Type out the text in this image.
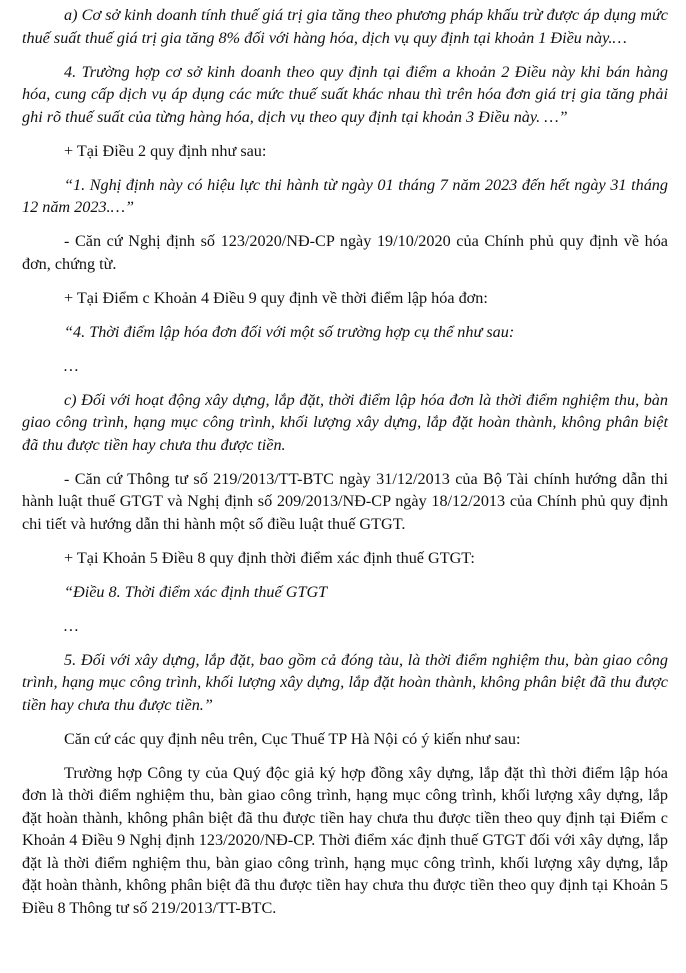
a) Cơ sở kinh doanh tính thuế giá trị gia tăng theo phương pháp khấu trừ được áp dụng mức thuế suất thuế giá trị gia tăng 8% đối với hàng hóa, dịch vụ quy định tại khoản 1 Điều này.…

4. Trường hợp cơ sở kinh doanh theo quy định tại điểm a khoản 2 Điều này khi bán hàng hóa, cung cấp dịch vụ áp dụng các mức thuế suất khác nhau thì trên hóa đơn giá trị gia tăng phải ghi rõ thuế suất của từng hàng hóa, dịch vụ theo quy định tại khoản 3 Điều này. …”

+ Tại Điều 2 quy định như sau:

“1. Nghị định này có hiệu lực thi hành từ ngày 01 tháng 7 năm 2023 đến hết ngày 31 tháng 12 năm 2023.…”

- Căn cứ Nghị định số 123/2020/NĐ-CP ngày 19/10/2020 của Chính phủ quy định về hóa đơn, chứng từ.

+ Tại Điểm c Khoản 4 Điều 9 quy định về thời điểm lập hóa đơn:

“4. Thời điểm lập hóa đơn đối với một số trường hợp cụ thể như sau:

…

c) Đối với hoạt động xây dựng, lắp đặt, thời điểm lập hóa đơn là thời điểm nghiệm thu, bàn giao công trình, hạng mục công trình, khối lượng xây dựng, lắp đặt hoàn thành, không phân biệt đã thu được tiền hay chưa thu được tiền.

- Căn cứ Thông tư số 219/2013/TT-BTC ngày 31/12/2013 của Bộ Tài chính hướng dẫn thi hành luật thuế GTGT và Nghị định số 209/2013/NĐ-CP ngày 18/12/2013 của Chính phủ quy định chi tiết và hướng dẫn thi hành một số điều luật thuế GTGT.

+ Tại Khoản 5 Điều 8 quy định thời điểm xác định thuế GTGT:

“Điều 8. Thời điểm xác định thuế GTGT

…

5. Đối với xây dựng, lắp đặt, bao gồm cả đóng tàu, là thời điểm nghiệm thu, bàn giao công trình, hạng mục công trình, khối lượng xây dựng, lắp đặt hoàn thành, không phân biệt đã thu được tiền hay chưa thu được tiền.”

Căn cứ các quy định nêu trên, Cục Thuế TP Hà Nội có ý kiến như sau:

Trường hợp Công ty của Quý độc giả ký hợp đồng xây dựng, lắp đặt thì thời điểm lập hóa đơn là thời điểm nghiệm thu, bàn giao công trình, hạng mục công trình, khối lượng xây dựng, lắp đặt hoàn thành, không phân biệt đã thu được tiền hay chưa thu được tiền theo quy định tại Điểm c Khoản 4 Điều 9 Nghị định 123/2020/NĐ-CP. Thời điểm xác định thuế GTGT đối với xây dựng, lắp đặt là thời điểm nghiệm thu, bàn giao công trình, hạng mục công trình, khối lượng xây dựng, lắp đặt hoàn thành, không phân biệt đã thu được tiền hay chưa thu được tiền theo quy định tại Khoản 5 Điều 8 Thông tư số 219/2013/TT-BTC.
